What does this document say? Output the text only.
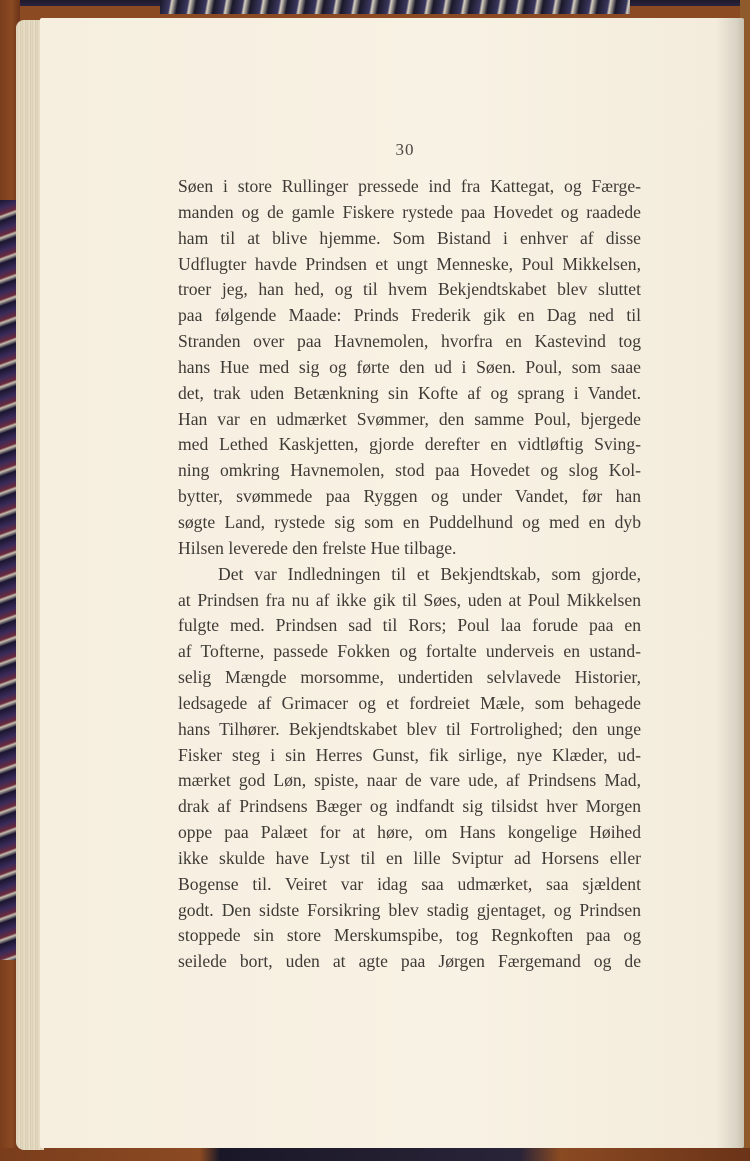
30
Søen i store Rullinger pressede ind fra Kattegat, og Færge-
manden og de gamle Fiskere rystede paa Hovedet og raadede
ham til at blive hjemme. Som Bistand i enhver af disse
Udflugter havde Prindsen et ungt Menneske, Poul Mikkelsen,
troer jeg, han hed, og til hvem Bekjendtskabet blev sluttet
paa følgende Maade: Prinds Frederik gik en Dag ned til
Stranden over paa Havnemolen, hvorfra en Kastevind tog
hans Hue med sig og førte den ud i Søen. Poul, som saae
det, trak uden Betænkning sin Kofte af og sprang i Vandet.
Han var en udmærket Svømmer, den samme Poul, bjergede
med Lethed Kaskjetten, gjorde derefter en vidtløftig Sving-
ning omkring Havnemolen, stod paa Hovedet og slog Kol-
bytter, svømmede paa Ryggen og under Vandet, før han
søgte Land, rystede sig som en Puddelhund og med en dyb
Hilsen leverede den frelste Hue tilbage.
Det var Indledningen til et Bekjendtskab, som gjorde,
at Prindsen fra nu af ikke gik til Søes, uden at Poul Mikkelsen
fulgte med. Prindsen sad til Rors; Poul laa forude paa en
af Tofterne, passede Fokken og fortalte underveis en ustand-
selig Mængde morsomme, undertiden selvlavede Historier,
ledsagede af Grimacer og et fordreiet Mæle, som behagede
hans Tilhører. Bekjendtskabet blev til Fortrolighed; den unge
Fisker steg i sin Herres Gunst, fik sirlige, nye Klæder, ud-
mærket god Løn, spiste, naar de vare ude, af Prindsens Mad,
drak af Prindsens Bæger og indfandt sig tilsidst hver Morgen
oppe paa Palæet for at høre, om Hans kongelige Høihed
ikke skulde have Lyst til en lille Sviptur ad Horsens eller
Bogense til. Veiret var idag saa udmærket, saa sjældent
godt. Den sidste Forsikring blev stadig gjentaget, og Prindsen
stoppede sin store Merskumspibe, tog Regnkoften paa og
seilede bort, uden at agte paa Jørgen Færgemand og de
